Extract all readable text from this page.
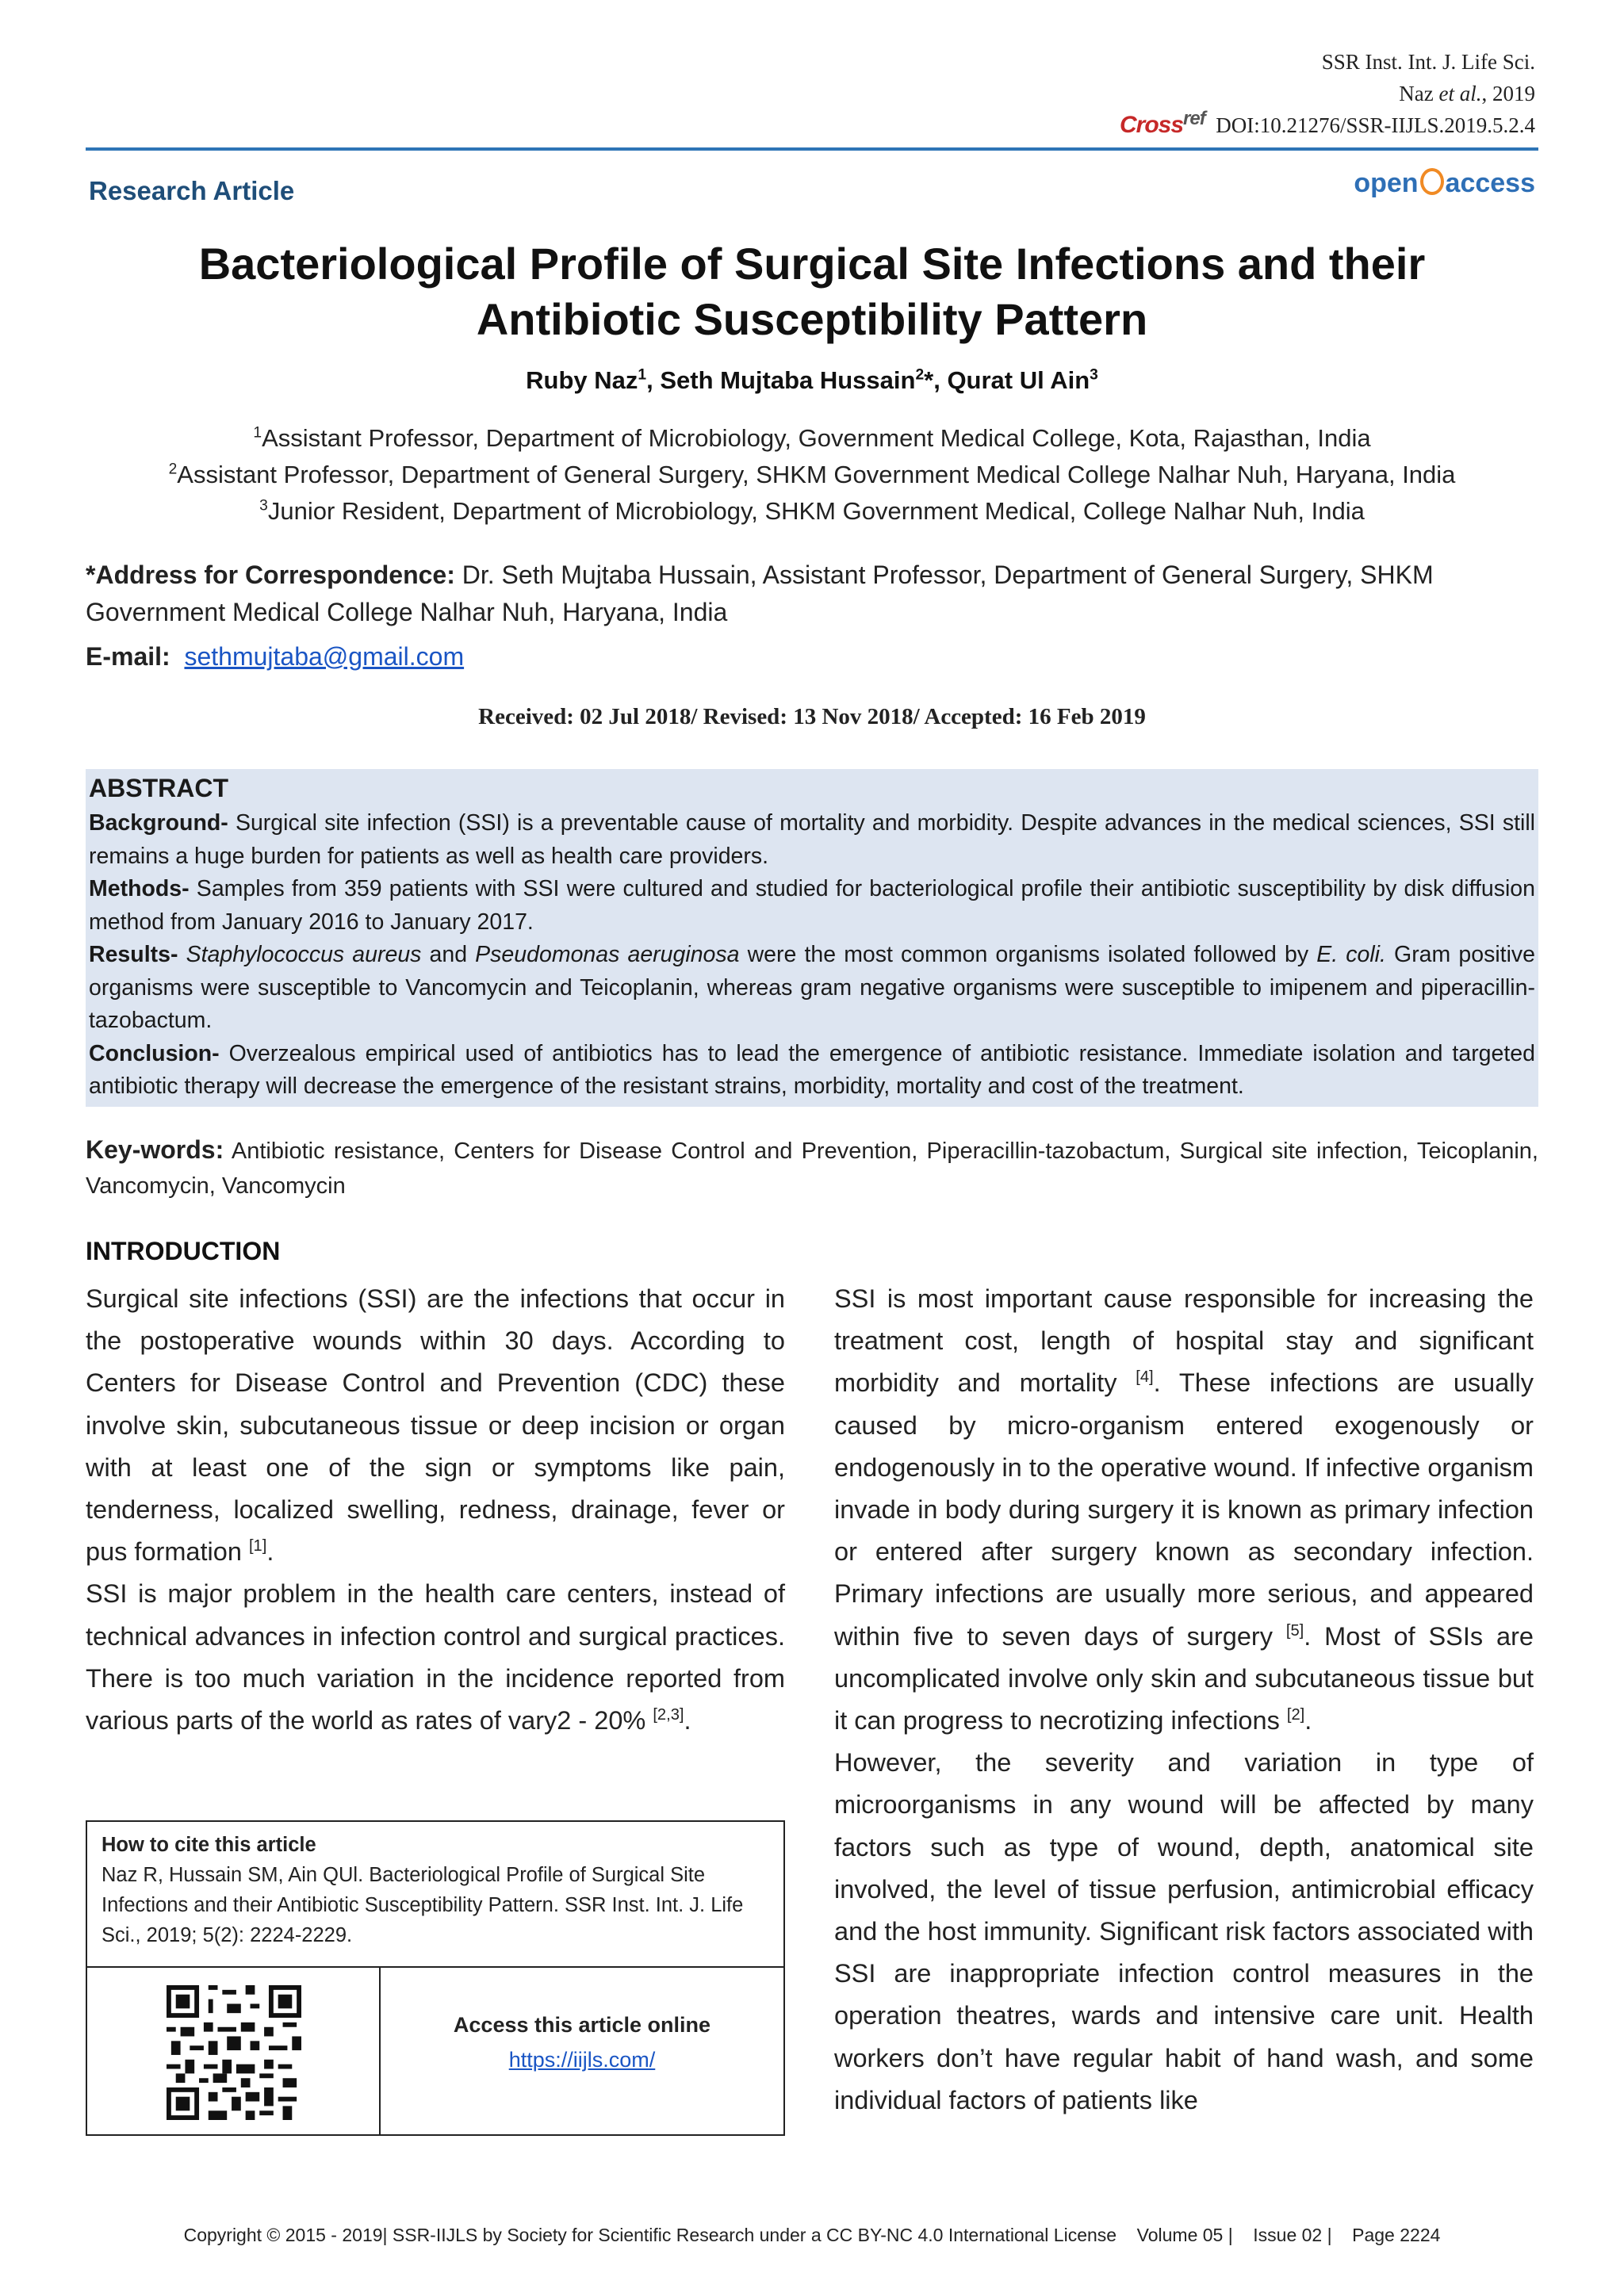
SSR Inst. Int. J. Life Sci.
Naz et al., 2019
Cross$^{ref}$ DOI:10.21276/SSR-IIJLS.2019.5.2.4
Research Article	open access
Bacteriological Profile of Surgical Site Infections and their
Antibiotic Susceptibility Pattern
Ruby Naz$^1$, Seth Mujtaba Hussain$^2$*, Qurat Ul Ain$^3$
$^1$Assistant Professor, Department of Microbiology, Government Medical College, Kota, Rajasthan, India
$^2$Assistant Professor, Department of General Surgery, SHKM Government Medical College Nalhar Nuh, Haryana, India
$^3$Junior Resident, Department of Microbiology, SHKM Government Medical, College Nalhar Nuh, India
*Address for Correspondence: Dr. Seth Mujtaba Hussain, Assistant Professor, Department of General Surgery, SHKM Government Medical College Nalhar Nuh, Haryana, India
E-mail: sethmujtaba@gmail.com
Received: 02 Jul 2018/ Revised: 13 Nov 2018/ Accepted: 16 Feb 2019
ABSTRACT

Background- Surgical site infection (SSI) is a preventable cause of mortality and morbidity. Despite advances in the medical sciences, SSI still remains a huge burden for patients as well as health care providers.

Methods- Samples from 359 patients with SSI were cultured and studied for bacteriological profile their antibiotic susceptibility by disk diffusion method from January 2016 to January 2017.

Results- Staphylococcus aureus and Pseudomonas aeruginosa were the most common organisms isolated followed by E. coli. Gram positive organisms were susceptible to Vancomycin and Teicoplanin, whereas gram negative organisms were susceptible to imipenem and piperacillin-tazobactum.

Conclusion- Overzealous empirical used of antibiotics has to lead the emergence of antibiotic resistance. Immediate isolation and targeted antibiotic therapy will decrease the emergence of the resistant strains, morbidity, mortality and cost of the treatment.

Key-words: Antibiotic resistance, Centers for Disease Control and Prevention, Piperacillin-tazobactum, Surgical site infection, Teicoplanin, Vancomycin, Vancomycin
INTRODUCTION

Surgical site infections (SSI) are the infections that occur in the postoperative wounds within 30 days. According to Centers for Disease Control and Prevention (CDC) these involve skin, subcutaneous tissue or deep incision or organ with at least one of the sign or symptoms like pain, tenderness, localized swelling, redness, drainage, fever or pus formation [1].

SSI is major problem in the health care centers, instead of technical advances in infection control and surgical practices. There is too much variation in the incidence reported from various parts of the world as rates of vary2 - 20% [2,3].

SSI is most important cause responsible for increasing the treatment cost, length of hospital stay and significant morbidity and mortality [4]. These infections are usually caused by micro-organism entered exogenously or endogenously in to the operative wound. If infective organism invade in body during surgery it is known as primary infection or entered after surgery known as secondary infection. Primary infections are usually more serious, and appeared within five to seven days of surgery [5]. Most of SSIs are uncomplicated involve only skin and subcutaneous tissue but it can progress to necrotizing infections [2].

However, the severity and variation in type of microorganisms in any wound will be affected by many factors such as type of wound, depth, anatomical site involved, the level of tissue perfusion, antimicrobial efficacy and the host immunity. Significant risk factors associated with SSI are inappropriate infection control measures in the operation theatres, wards and intensive care unit. Health workers don’t have regular habit of hand wash, and some individual factors of patients like

How to cite this article
Naz R, Hussain SM, Ain QUl. Bacteriological Profile of Surgical Site Infections and their Antibiotic Susceptibility Pattern. SSR Inst. Int. J. Life Sci., 2019; 5(2): 2224-2229.
Access this article online
https://iijls.com/
Copyright © 2015 - 2019| SSR-IIJLS by Society for Scientific Research under a CC BY-NC 4.0 International License    Volume 05 |    Issue 02 |    Page 2224
